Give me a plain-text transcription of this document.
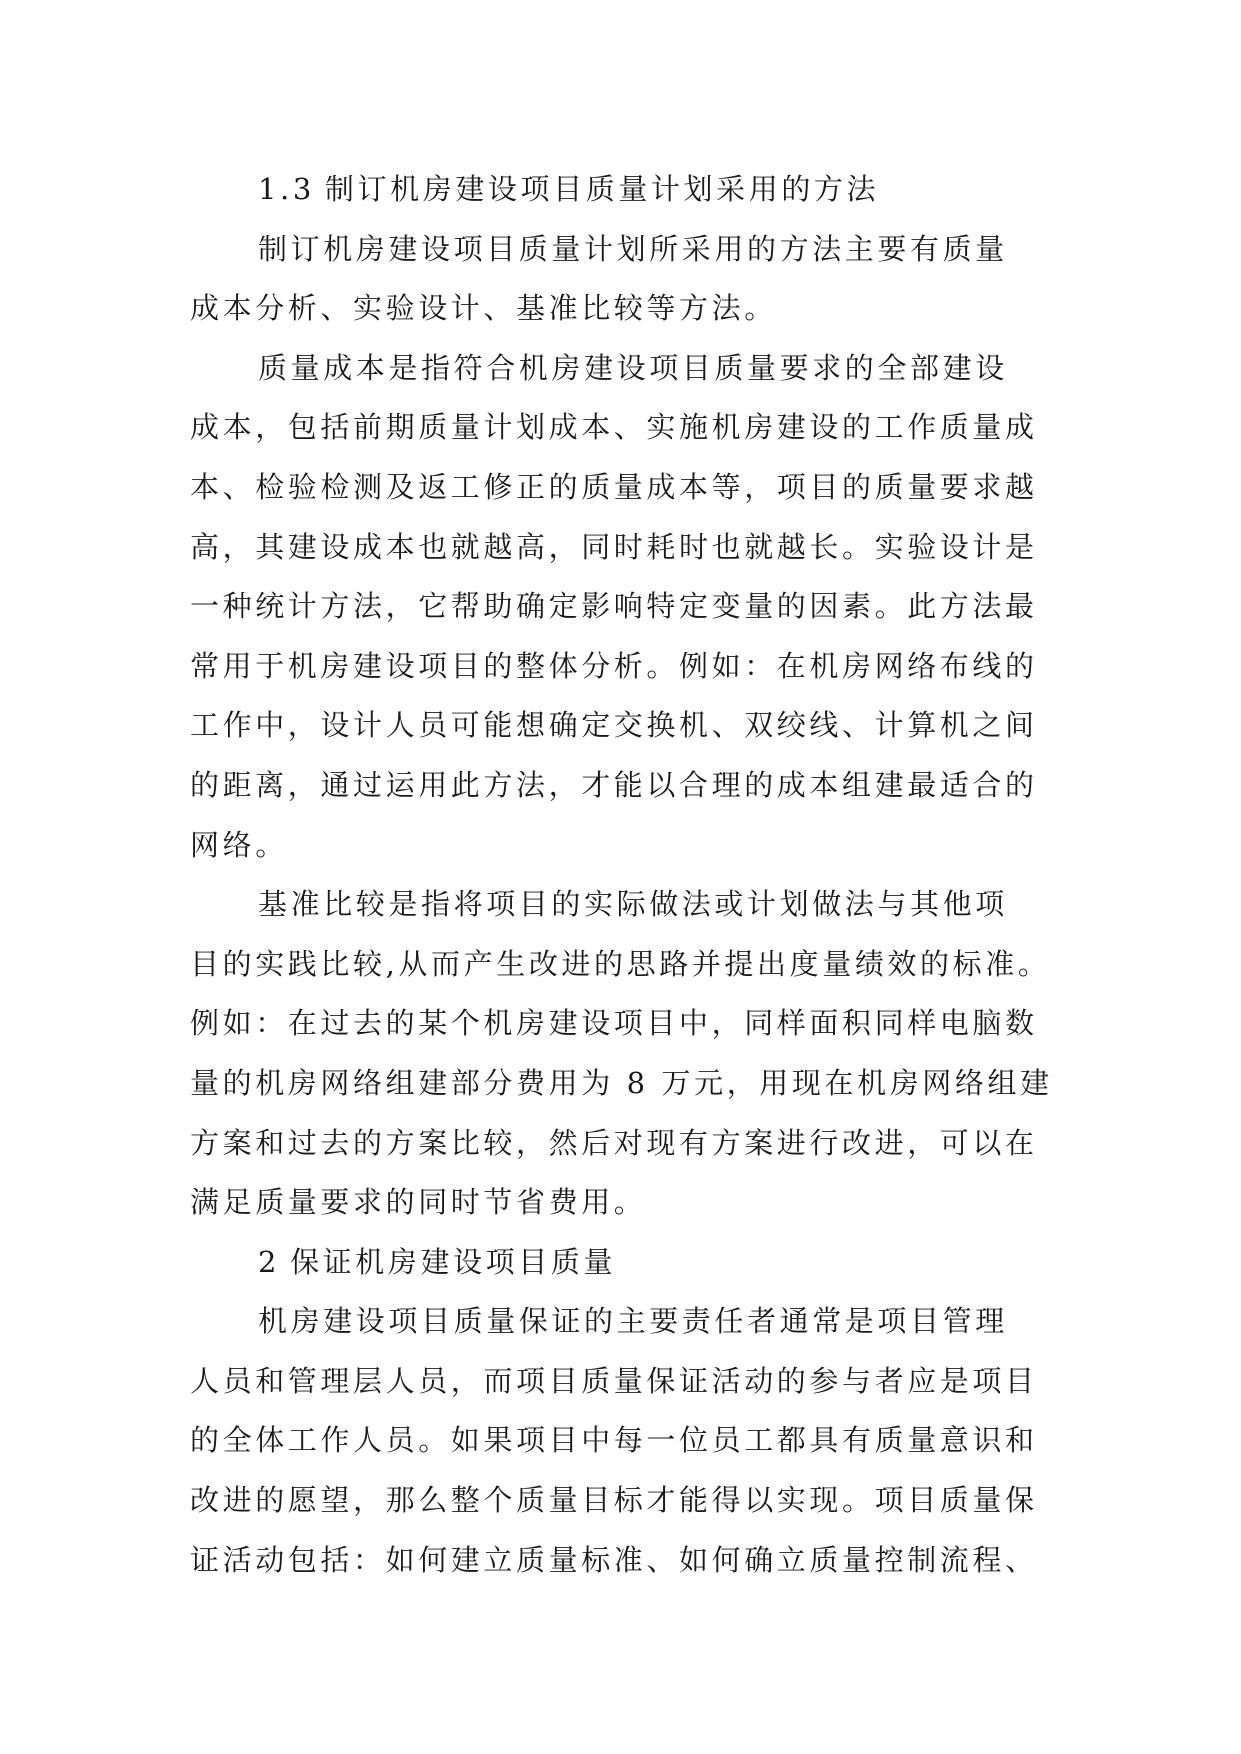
1.3 制订机房建设项目质量计划采用的方法
制订机房建设项目质量计划所采用的方法主要有质量
成本分析、实验设计、基准比较等方法。
质量成本是指符合机房建设项目质量要求的全部建设
成本，包括前期质量计划成本、实施机房建设的工作质量成
本、检验检测及返工修正的质量成本等，项目的质量要求越
高，其建设成本也就越高，同时耗时也就越长。实验设计是
一种统计方法，它帮助确定影响特定变量的因素。此方法最
常用于机房建设项目的整体分析。例如：在机房网络布线的
工作中，设计人员可能想确定交换机、双绞线、计算机之间
的距离，通过运用此方法，才能以合理的成本组建最适合的
网络。
基准比较是指将项目的实际做法或计划做法与其他项
目的实践比较,从而产生改进的思路并提出度量绩效的标准。
例如：在过去的某个机房建设项目中，同样面积同样电脑数
量的机房网络组建部分费用为 8 万元，用现在机房网络组建
方案和过去的方案比较，然后对现有方案进行改进，可以在
满足质量要求的同时节省费用。
2 保证机房建设项目质量
机房建设项目质量保证的主要责任者通常是项目管理
人员和管理层人员，而项目质量保证活动的参与者应是项目
的全体工作人员。如果项目中每一位员工都具有质量意识和
改进的愿望，那么整个质量目标才能得以实现。项目质量保
证活动包括：如何建立质量标准、如何确立质量控制流程、
